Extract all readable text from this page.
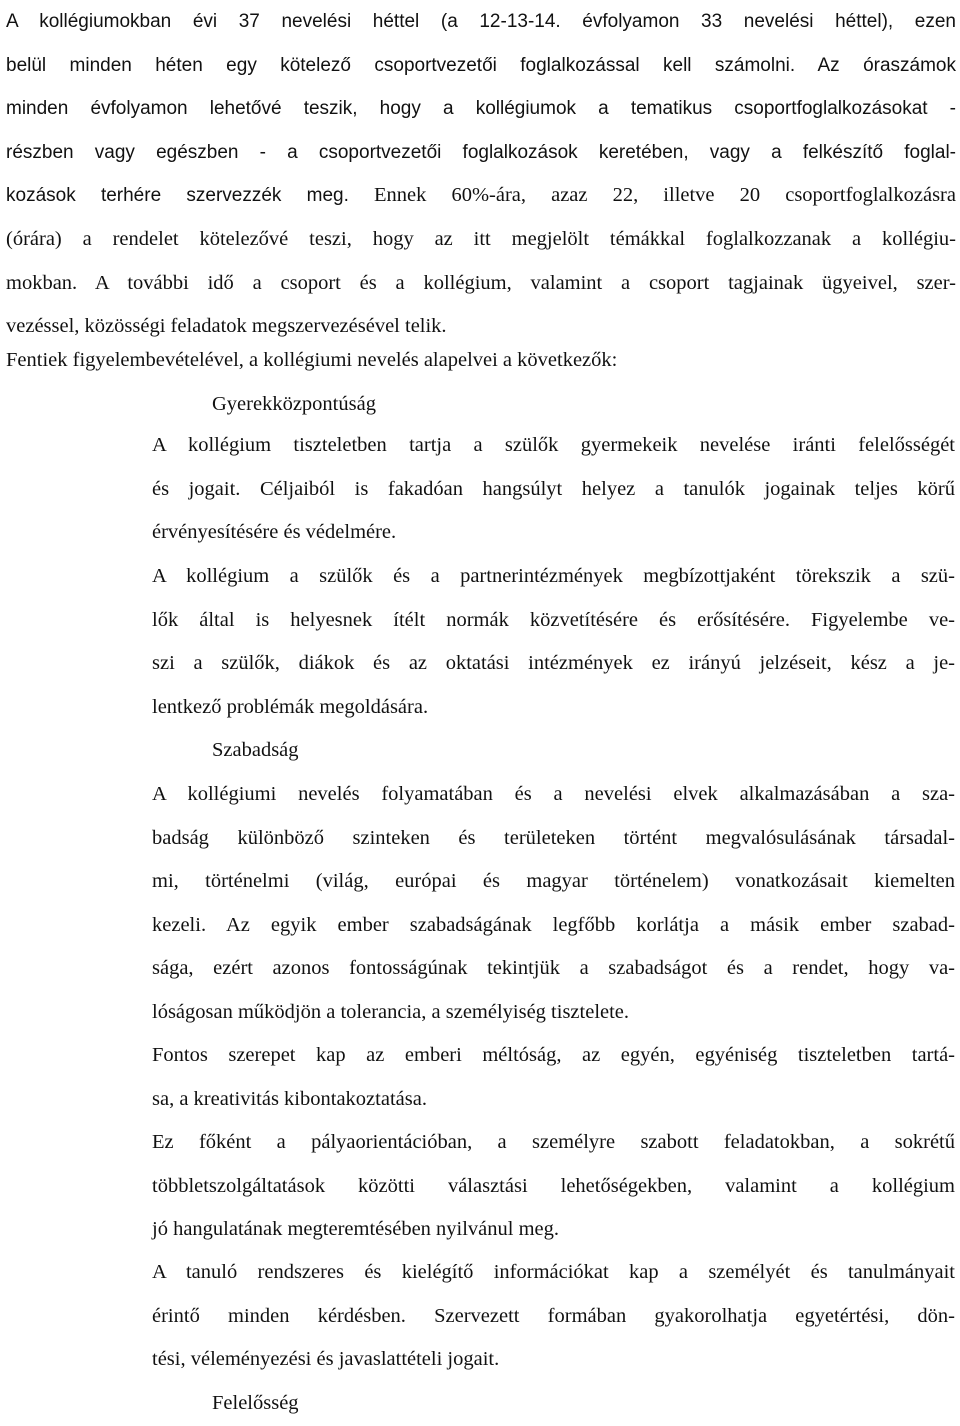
A kollégiumokban évi 37 nevelési héttel (a 12-13-14. évfolyamon 33 nevelési héttel), ezen
belül minden héten egy kötelező csoportvezetői foglalkozással kell számolni. Az óraszámok
minden évfolyamon lehetővé teszik, hogy a kollégiumok a tematikus csoportfoglalkozásokat -
részben vagy egészben - a csoportvezetői foglalkozások keretében, vagy a felkészítő foglal-
kozások terhére szervezzék meg. Ennek 60%-ára, azaz 22, illetve 20 csoportfoglalkozásra
(órára) a rendelet kötelezővé teszi, hogy az itt megjelölt témákkal foglalkozzanak a kollégiu-
mokban. A további idő a csoport és a kollégium, valamint a csoport tagjainak ügyeivel, szer-
vezéssel, közösségi feladatok megszervezésével telik.
Fentiek figyelembevételével, a kollégiumi nevelés alapelvei a következők:
Gyerekközpontúság
A kollégium tiszteletben tartja a szülők gyermekeik nevelése iránti felelősségét
és jogait. Céljaiból is fakadóan hangsúlyt helyez a tanulók jogainak teljes körű
érvényesítésére és védelmére.
A kollégium a szülők és a partnerintézmények megbízottjaként törekszik a szü-
lők által is helyesnek ítélt normák közvetítésére és erősítésére. Figyelembe ve-
szi a szülők, diákok és az oktatási intézmények ez irányú jelzéseit, kész a je-
lentkező problémák megoldására.
Szabadság
A kollégiumi nevelés folyamatában és a nevelési elvek alkalmazásában a sza-
badság különböző szinteken és területeken történt megvalósulásának társadal-
mi, történelmi (világ, európai és magyar történelem) vonatkozásait kiemelten
kezeli. Az egyik ember szabadságának legfőbb korlátja a másik ember szabad-
sága, ezért azonos fontosságúnak tekintjük a szabadságot és a rendet, hogy va-
lóságosan működjön a tolerancia, a személyiség tisztelete.
Fontos szerepet kap az emberi méltóság, az egyén, egyéniség tiszteletben tartá-
sa, a kreativitás kibontakoztatása.
Ez főként a pályaorientációban, a személyre szabott feladatokban, a sokrétű
többletszolgáltatások közötti választási lehetőségekben, valamint a kollégium
jó hangulatának megteremtésében nyilvánul meg.
A tanuló rendszeres és kielégítő információkat kap a személyét és tanulmányait
érintő minden kérdésben. Szervezett formában gyakorolhatja egyetértési, dön-
tési, véleményezési és javaslattételi jogait.
Felelősség
